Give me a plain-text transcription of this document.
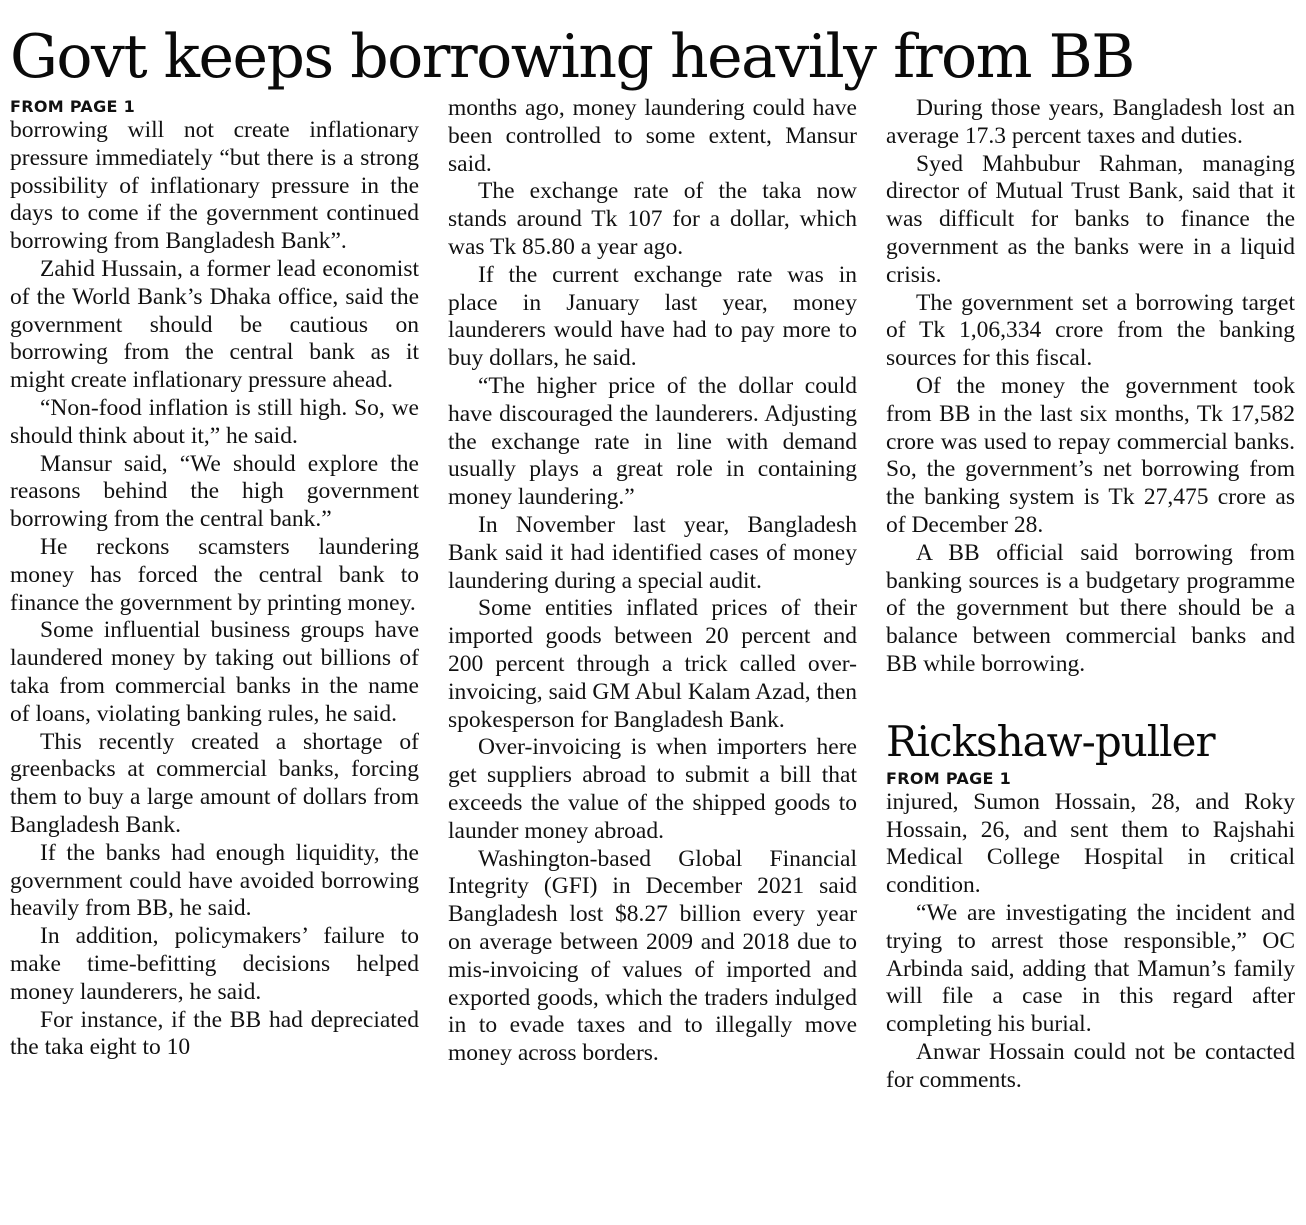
Govt keeps borrowing heavily from BB
FROM PAGE 1

borrowing will not create inflationary pressure immediately “but there is a strong possibility of inflationary pressure in the days to come if the government continued borrowing from Bangladesh Bank”.

Zahid Hussain, a former lead economist of the World Bank’s Dhaka office, said the government should be cautious on borrowing from the central bank as it might create inflationary pressure ahead.

“Non-food inflation is still high. So, we should think about it,” he said.

Mansur said, “We should explore the reasons behind the high government borrowing from the central bank.”

He reckons scamsters laundering money has forced the central bank to finance the government by printing money.

Some influential business groups have laundered money by taking out billions of taka from commercial banks in the name of loans, violating banking rules, he said.

This recently created a shortage of greenbacks at commercial banks, forcing them to buy a large amount of dollars from Bangladesh Bank.

If the banks had enough liquidity, the government could have avoided borrowing heavily from BB, he said.

In addition, policymakers’ failure to make time-befitting decisions helped money launderers, he said.

For instance, if the BB had depreciated the taka eight to 10

months ago, money laundering could have been controlled to some extent, Mansur said.

The exchange rate of the taka now stands around Tk 107 for a dollar, which was Tk 85.80 a year ago.

If the current exchange rate was in place in January last year, money launderers would have had to pay more to buy dollars, he said.

“The higher price of the dollar could have discouraged the launderers. Adjusting the exchange rate in line with demand usually plays a great role in containing money laundering.”

In November last year, Bangladesh Bank said it had identified cases of money laundering during a special audit.

Some entities inflated prices of their imported goods between 20 percent and 200 percent through a trick called over-invoicing, said GM Abul Kalam Azad, then spokesperson for Bangladesh Bank.

Over-invoicing is when importers here get suppliers abroad to submit a bill that exceeds the value of the shipped goods to launder money abroad.

Washington-based Global Financial Integrity (GFI) in December 2021 said Bangladesh lost $8.27 billion every year on average between 2009 and 2018 due to mis-invoicing of values of imported and exported goods, which the traders indulged in to evade taxes and to illegally move money across borders.

During those years, Bangladesh lost an average 17.3 percent taxes and duties.

Syed Mahbubur Rahman, managing director of Mutual Trust Bank, said that it was difficult for banks to finance the government as the banks were in a liquid crisis.

The government set a borrowing target of Tk 1,06,334 crore from the banking sources for this fiscal.

Of the money the government took from BB in the last six months, Tk 17,582 crore was used to repay commercial banks. So, the government’s net borrowing from the banking system is Tk 27,475 crore as of December 28.

A BB official said borrowing from banking sources is a budgetary programme of the government but there should be a balance between commercial banks and BB while borrowing.

Rickshaw-puller
FROM PAGE 1

injured, Sumon Hossain, 28, and Roky Hossain, 26, and sent them to Rajshahi Medical College Hospital in critical condition.

“We are investigating the incident and trying to arrest those responsible,” OC Arbinda said, adding that Mamun’s family will file a case in this regard after completing his burial.

Anwar Hossain could not be contacted for comments.
